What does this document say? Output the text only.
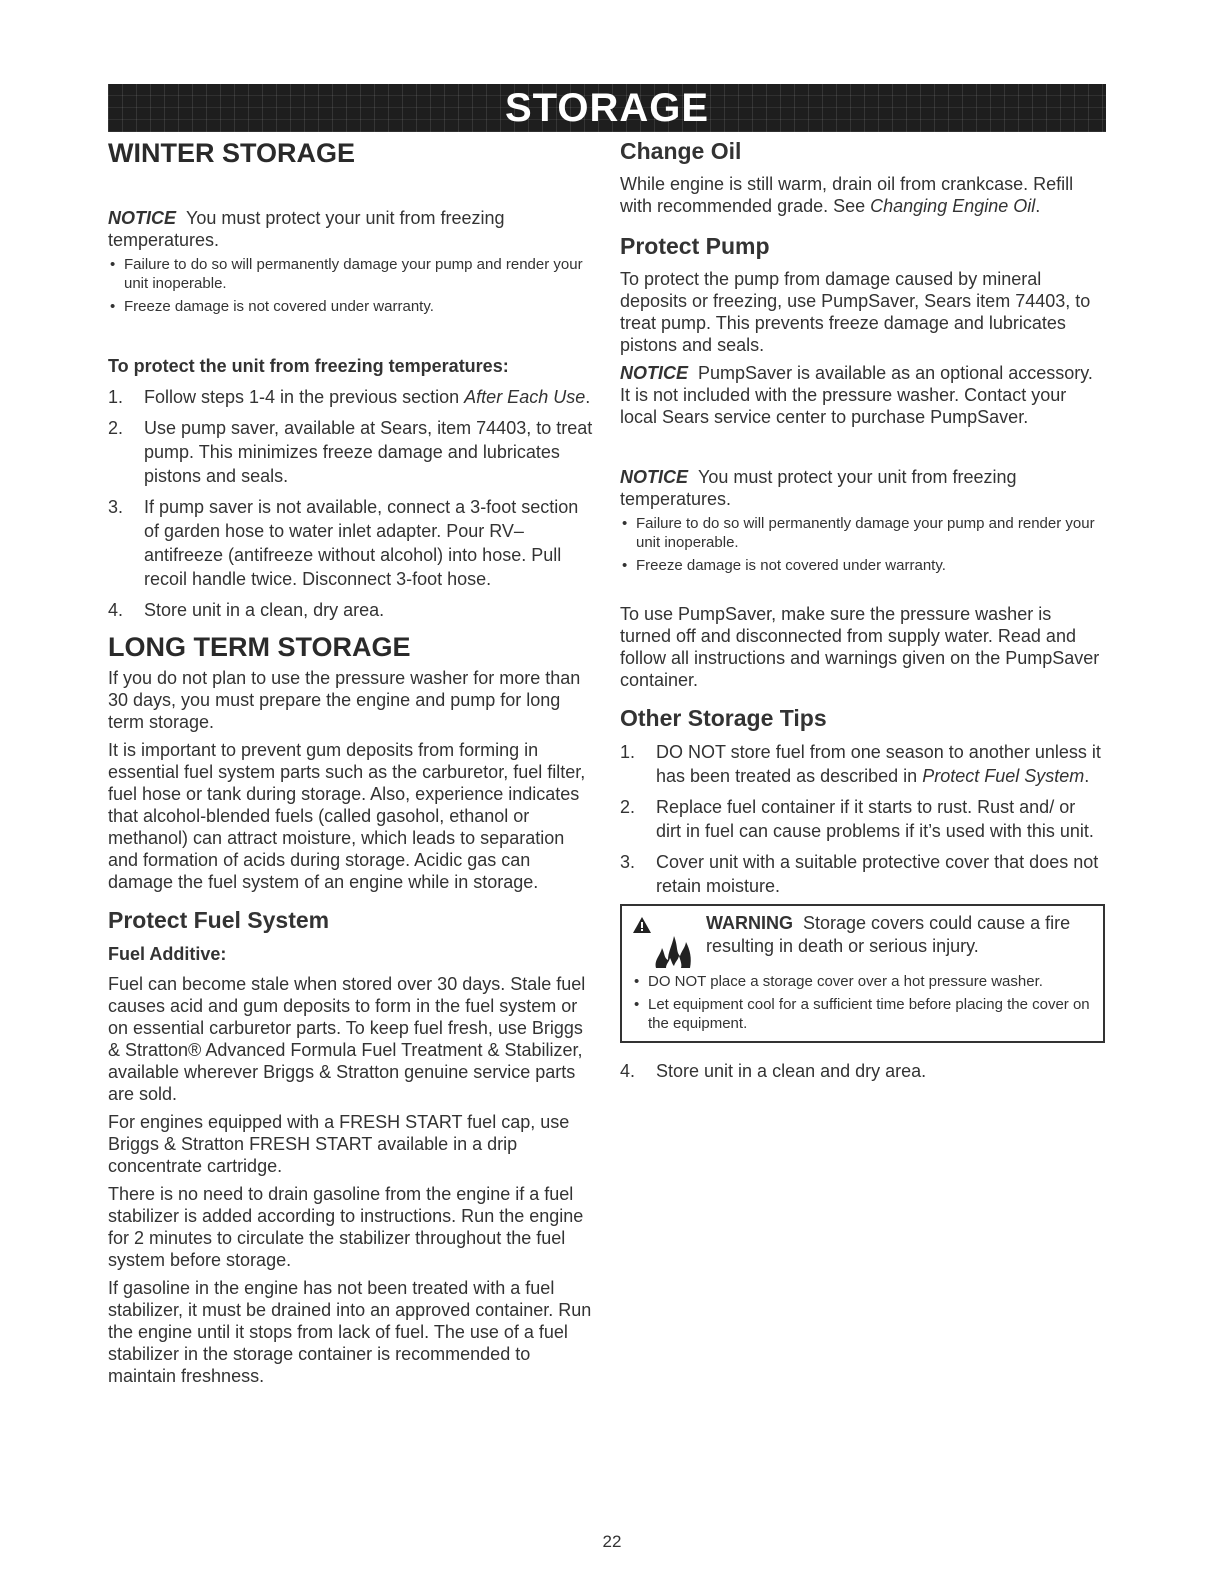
STORAGE
WINTER STORAGE

NOTICE You must protect your unit from freezing temperatures.

• Failure to do so will permanently damage your pump and render your unit inoperable.

• Freeze damage is not covered under warranty.

To protect the unit from freezing temperatures:

1.	Follow steps 1-4 in the previous section After Each Use.
2.	Use pump saver, available at Sears, item 74403, to treat pump. This minimizes freeze damage and lubricates pistons and seals.
3.	If pump saver is not available, connect a 3-foot section of garden hose to water inlet adapter. Pour RV–antifreeze (antifreeze without alcohol) into hose. Pull recoil handle twice. Disconnect 3-foot hose.
4.	Store unit in a clean, dry area.
LONG TERM STORAGE

If you do not plan to use the pressure washer for more than 30 days, you must prepare the engine and pump for long term storage.

It is important to prevent gum deposits from forming in essential fuel system parts such as the carburetor, fuel filter, fuel hose or tank during storage. Also, experience indicates that alcohol-blended fuels (called gasohol, ethanol or methanol) can attract moisture, which leads to separation and formation of acids during storage. Acidic gas can damage the fuel system of an engine while in storage.

Protect Fuel System

Fuel Additive:

Fuel can become stale when stored over 30 days. Stale fuel causes acid and gum deposits to form in the fuel system or on essential carburetor parts. To keep fuel fresh, use Briggs & Stratton® Advanced Formula Fuel Treatment & Stabilizer, available wherever Briggs & Stratton genuine service parts are sold.

For engines equipped with a FRESH START fuel cap, use Briggs & Stratton FRESH START available in a drip concentrate cartridge.

There is no need to drain gasoline from the engine if a fuel stabilizer is added according to instructions. Run the engine for 2 minutes to circulate the stabilizer throughout the fuel system before storage.

If gasoline in the engine has not been treated with a fuel stabilizer, it must be drained into an approved container. Run the engine until it stops from lack of fuel. The use of a fuel stabilizer in the storage container is recommended to maintain freshness.

Change Oil

While engine is still warm, drain oil from crankcase. Refill with recommended grade. See Changing Engine Oil.

Protect Pump

To protect the pump from damage caused by mineral deposits or freezing, use PumpSaver, Sears item 74403, to treat pump. This prevents freeze damage and lubricates pistons and seals.

NOTICE PumpSaver is available as an optional accessory. It is not included with the pressure washer. Contact your local Sears service center to purchase PumpSaver.

NOTICE You must protect your unit from freezing temperatures.

• Failure to do so will permanently damage your pump and render your unit inoperable.

• Freeze damage is not covered under warranty.

To use PumpSaver, make sure the pressure washer is turned off and disconnected from supply water. Read and follow all instructions and warnings given on the PumpSaver container.

Other Storage Tips
1.	DO NOT store fuel from one season to another unless it has been treated as described in Protect Fuel System.
2.	Replace fuel container if it starts to rust. Rust and/ or dirt in fuel can cause problems if it’s used with this unit.
3.	Cover unit with a suitable protective cover that does not retain moisture.
WARNING Storage covers could cause a fire resulting in death or serious injury.

• DO NOT place a storage cover over a hot pressure washer.

• Let equipment cool for a sufficient time before placing the cover on the equipment.

4.	Store unit in a clean and dry area.
22
